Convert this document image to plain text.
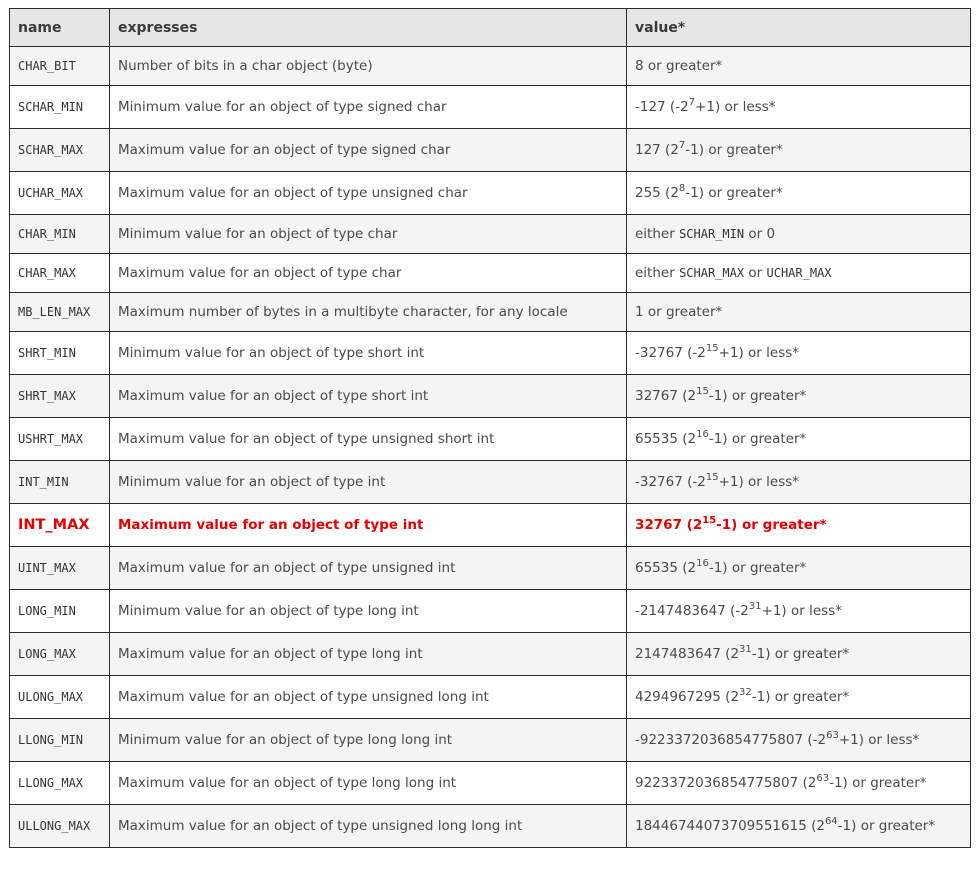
name	expresses	value*
CHAR_BIT	Number of bits in a char object (byte)	8 or greater*
SCHAR_MIN	Minimum value for an object of type signed char	-127 $(-2^7+1)$ or less*
SCHAR_MAX	Maximum value for an object of type signed char	127 $(2^7-1)$ or greater*
UCHAR_MAX	Maximum value for an object of type unsigned char	255 $(2^8-1)$ or greater*
CHAR_MIN	Minimum value for an object of type char	either SCHAR_MIN or 0
CHAR_MAX	Maximum value for an object of type char	either SCHAR_MAX or UCHAR_MAX
MB_LEN_MAX	Maximum number of bytes in a multibyte character, for any locale	1 or greater*
SHRT_MIN	Minimum value for an object of type short int	-32767 $(-2^{15}+1)$ or less*
SHRT_MAX	Maximum value for an object of type short int	32767 $(2^{15}-1)$ or greater*
USHRT_MAX	Maximum value for an object of type unsigned short int	65535 $(2^{16}-1)$ or greater*
INT_MIN	Minimum value for an object of type int	-32767 $(-2^{15}+1)$ or less*
INT_MAX	Maximum value for an object of type int	32767 $(2^{15}-1)$ or greater*
UINT_MAX	Maximum value for an object of type unsigned int	65535 $(2^{16}-1)$ or greater*
LONG_MIN	Minimum value for an object of type long int	-2147483647 $(-2^{31}+1)$ or less*
LONG_MAX	Maximum value for an object of type long int	2147483647 $(2^{31}-1)$ or greater*
ULONG_MAX	Maximum value for an object of type unsigned long int	4294967295 $(2^{32}-1)$ or greater*
LLONG_MIN	Minimum value for an object of type long long int	-9223372036854775807 $(-2^{63}+1)$ or less*
LLONG_MAX	Maximum value for an object of type long long int	9223372036854775807 $(2^{63}-1)$ or greater*
ULLONG_MAX	Maximum value for an object of type unsigned long long int	18446744073709551615 $(2^{64}-1)$ or greater*
